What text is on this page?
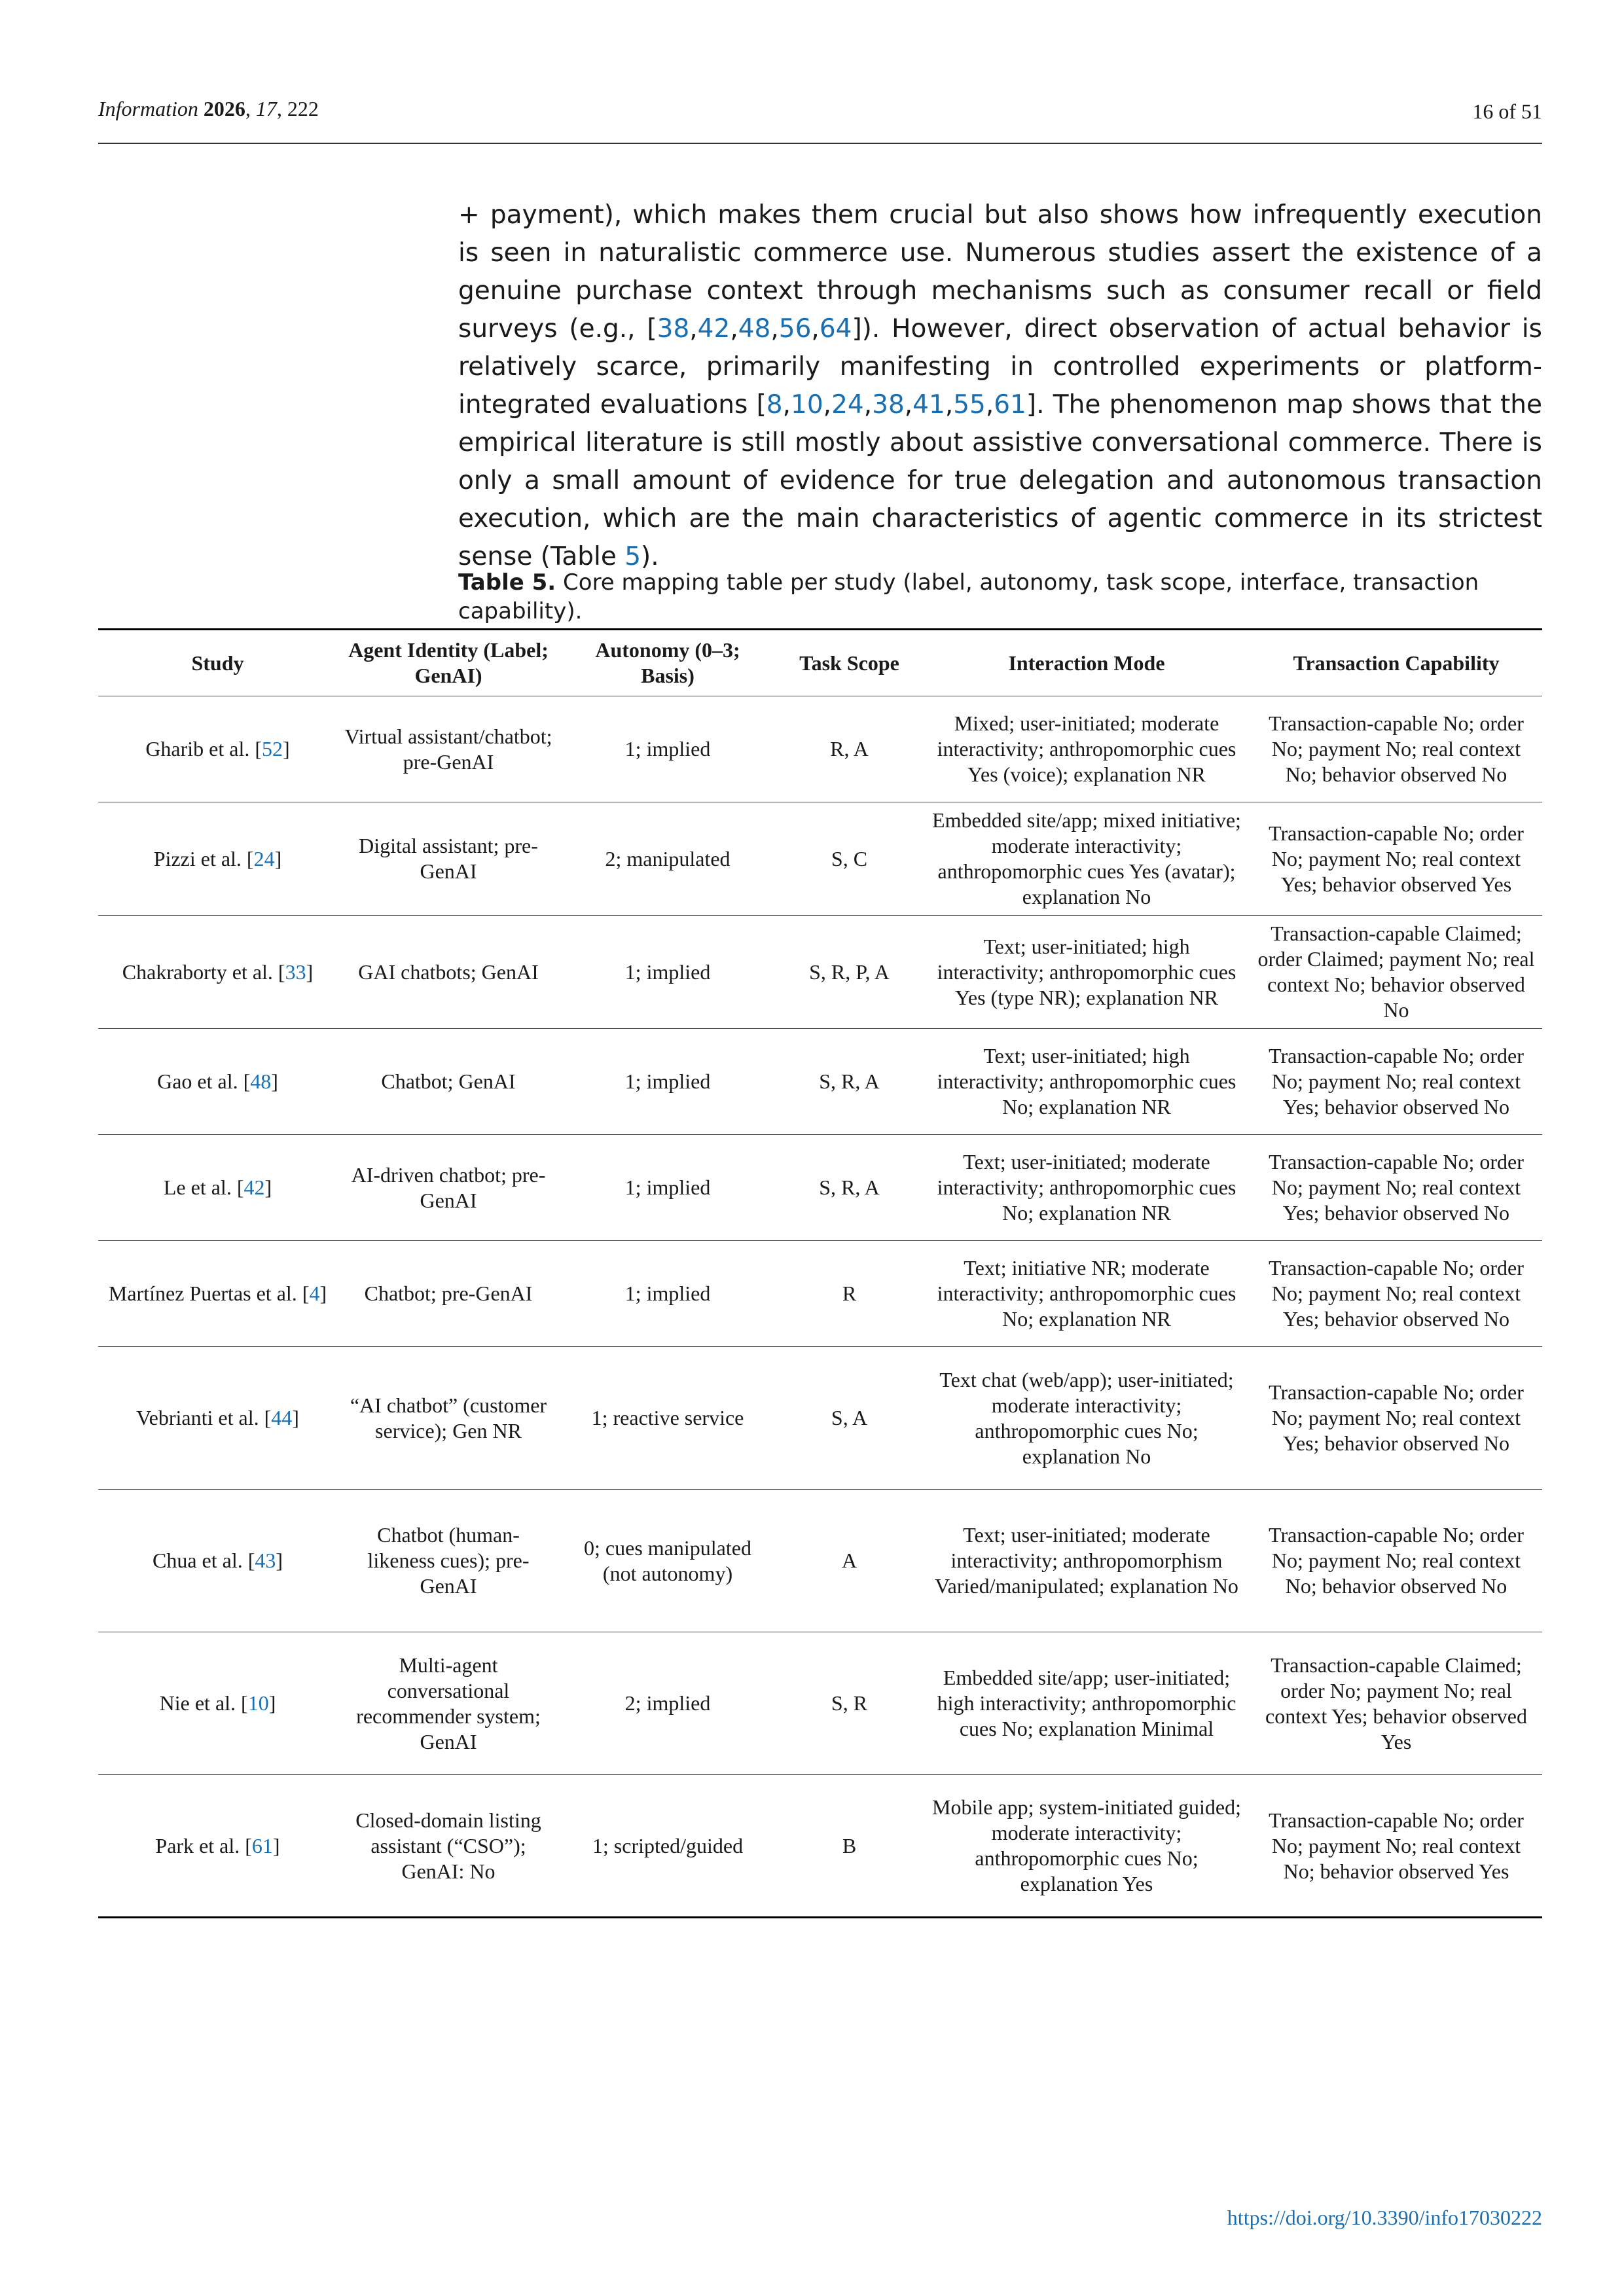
Information 2026, 17, 222	16 of 51
+ payment), which makes them crucial but also shows how infrequently execution is seen in naturalistic commerce use. Numerous studies assert the existence of a genuine purchase context through mechanisms such as consumer recall or field surveys (e.g., [38,42,48,56,64]). However, direct observation of actual behavior is relatively scarce, primarily manifesting in controlled experiments or platform-integrated evaluations [8,10,24,38,41,55,61]. The phenomenon map shows that the empirical literature is still mostly about assistive conversational commerce. There is only a small amount of evidence for true delegation and autonomous transaction execution, which are the main characteristics of agentic commerce in its strictest sense (Table 5).
Table 5. Core mapping table per study (label, autonomy, task scope, interface, transaction capability).
Study	Agent Identity (Label; GenAI)	Autonomy (0–3; Basis)	Task Scope	Interaction Mode	Transaction Capability
Gharib et al. [52]	Virtual assistant/chatbot; pre-GenAI	1; implied	R, A	Mixed; user-initiated; moderate interactivity; anthropomorphic cues Yes (voice); explanation NR	Transaction-capable No; order No; payment No; real context No; behavior observed No
Pizzi et al. [24]	Digital assistant; pre-GenAI	2; manipulated	S, C	Embedded site/app; mixed initiative; moderate interactivity; anthropomorphic cues Yes (avatar); explanation No	Transaction-capable No; order No; payment No; real context Yes; behavior observed Yes
Chakraborty et al. [33]	GAI chatbots; GenAI	1; implied	S, R, P, A	Text; user-initiated; high interactivity; anthropomorphic cues Yes (type NR); explanation NR	Transaction-capable Claimed; order Claimed; payment No; real context No; behavior observed No
Gao et al. [48]	Chatbot; GenAI	1; implied	S, R, A	Text; user-initiated; high interactivity; anthropomorphic cues No; explanation NR	Transaction-capable No; order No; payment No; real context Yes; behavior observed No
Le et al. [42]	AI-driven chatbot; pre-GenAI	1; implied	S, R, A	Text; user-initiated; moderate interactivity; anthropomorphic cues No; explanation NR	Transaction-capable No; order No; payment No; real context Yes; behavior observed No
Martínez Puertas et al. [4]	Chatbot; pre-GenAI	1; implied	R	Text; initiative NR; moderate interactivity; anthropomorphic cues No; explanation NR	Transaction-capable No; order No; payment No; real context Yes; behavior observed No
Vebrianti et al. [44]	“AI chatbot” (customer service); Gen NR	1; reactive service	S, A	Text chat (web/app); user-initiated; moderate interactivity; anthropomorphic cues No; explanation No	Transaction-capable No; order No; payment No; real context Yes; behavior observed No
Chua et al. [43]	Chatbot (human-likeness cues); pre-GenAI	0; cues manipulated (not autonomy)	A	Text; user-initiated; moderate interactivity; anthropomorphism Varied/manipulated; explanation No	Transaction-capable No; order No; payment No; real context No; behavior observed No
Nie et al. [10]	Multi-agent conversational recommender system; GenAI	2; implied	S, R	Embedded site/app; user-initiated; high interactivity; anthropomorphic cues No; explanation Minimal	Transaction-capable Claimed; order No; payment No; real context Yes; behavior observed Yes
Park et al. [61]	Closed-domain listing assistant (“CSO”); GenAI: No	1; scripted/guided	B	Mobile app; system-initiated guided; moderate interactivity; anthropomorphic cues No; explanation Yes	Transaction-capable No; order No; payment No; real context No; behavior observed Yes
https://doi.org/10.3390/info17030222
